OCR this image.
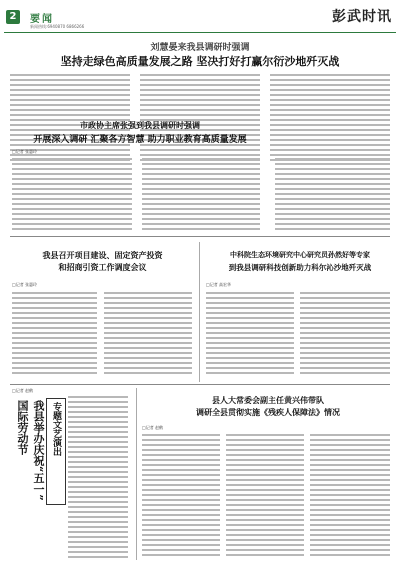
2	要闻
新闻热线:6940870 6866266
彭武时讯
刘慧晏来我县调研时强调
坚持走绿色高质量发展之路 坚决打好打赢尔衍沙地歼灭战
市政协主席张强到我县调研时强调
开展深入调研 汇聚各方智慧 助力职业教育高质量发展
□记者 张惠玲
我县召开项目建设、固定资产投资
和招商引资工作调度会议
□记者 张惠玲
中科院生态环境研究中心研究员孙然好等专家
到我县调研科技创新助力科尔沁沙地歼灭战
□记者 高宏华
□记者 赵鹤
我县举办庆祝“五一”
国际劳动节 专题文艺演出
县人大常委会副主任黄兴伟带队
调研全县贯彻实施《残疾人保障法》情况
□记者 赵鹤
